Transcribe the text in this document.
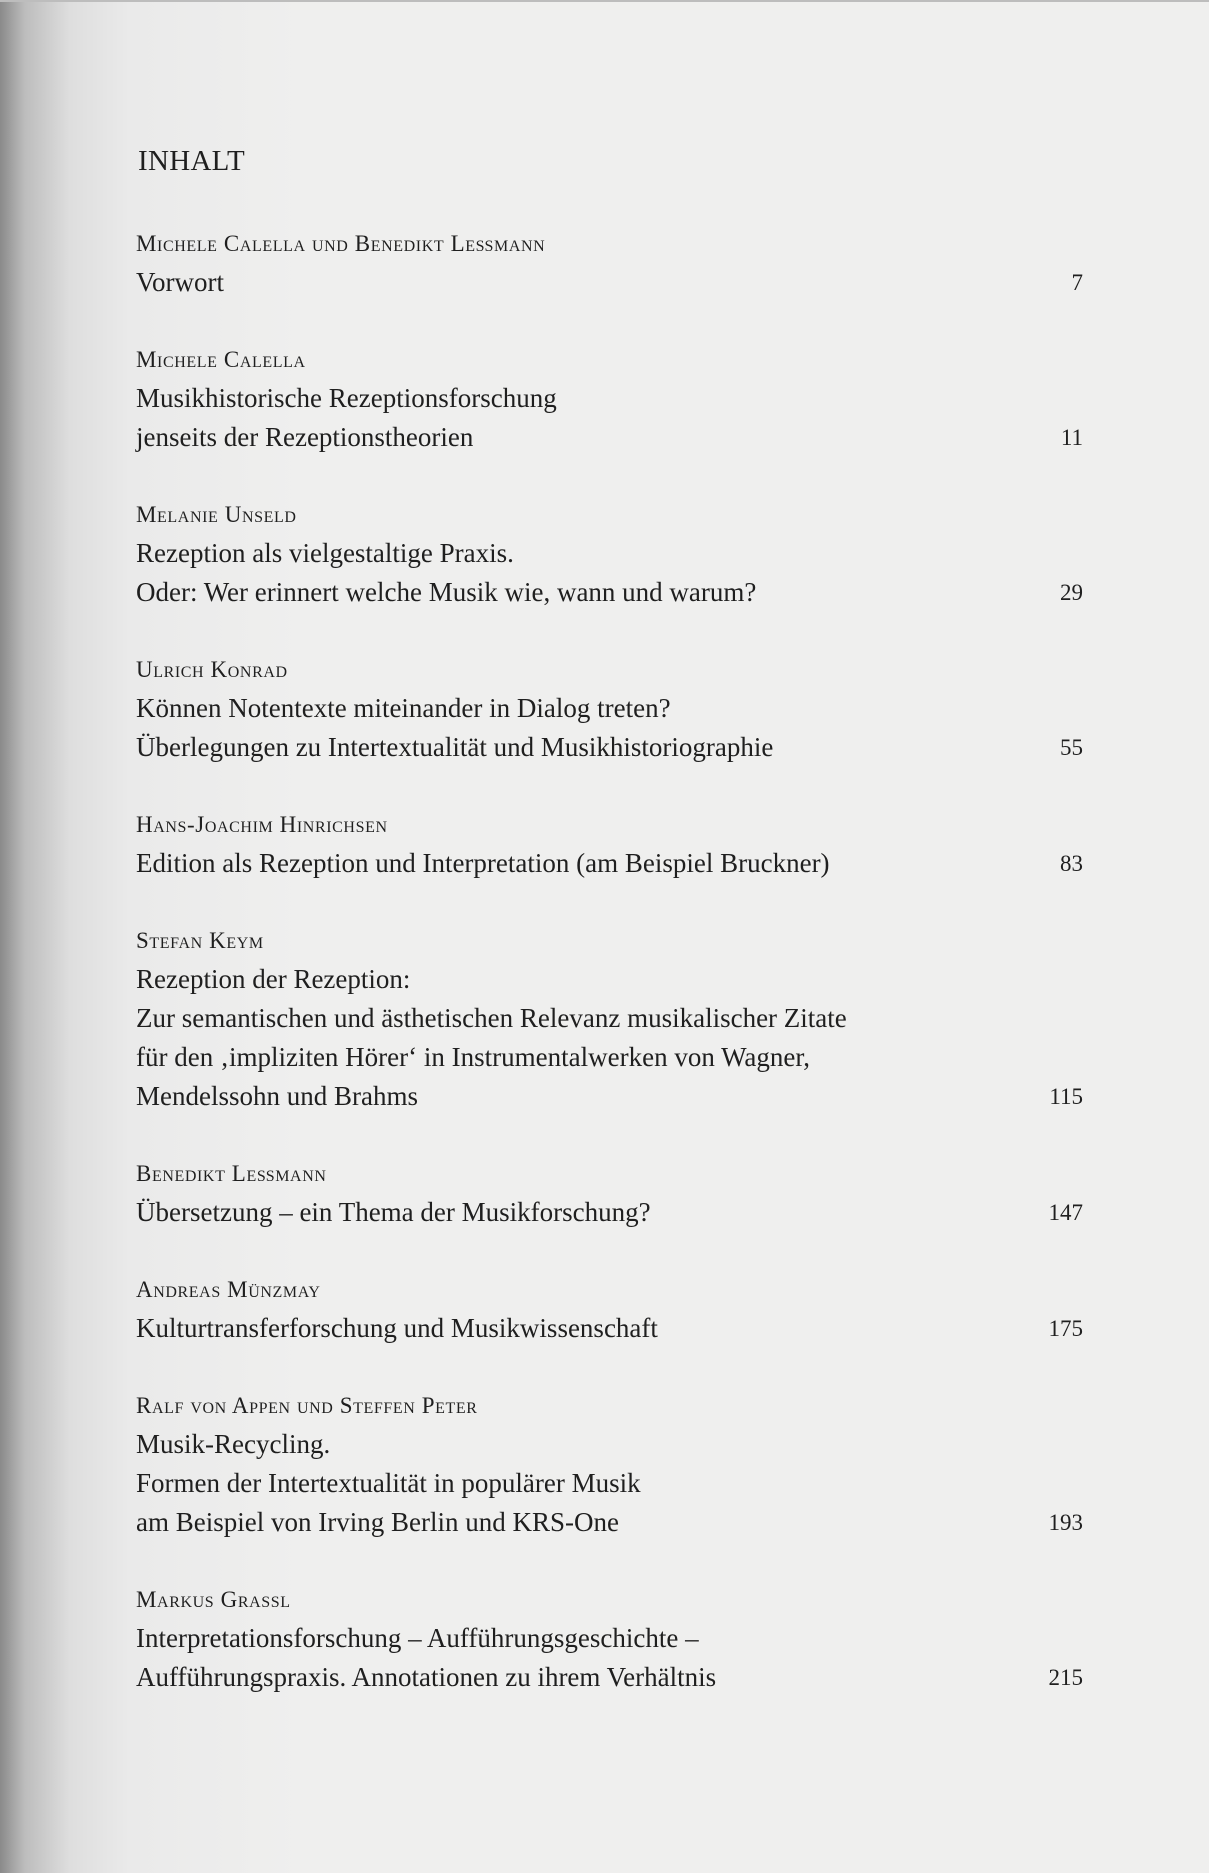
INHALT
Michele Calella und Benedikt Leßmann
Vorwort	7
Michele Calella
Musikhistorische Rezeptionsforschung
jenseits der Rezeptionstheorien	11
Melanie Unseld
Rezeption als vielgestaltige Praxis.
Oder: Wer erinnert welche Musik wie, wann und warum?	29
Ulrich Konrad
Können Notentexte miteinander in Dialog treten?
Überlegungen zu Intertextualität und Musikhistoriographie	55
Hans-Joachim Hinrichsen
Edition als Rezeption und Interpretation (am Beispiel Bruckner)	83
Stefan Keym
Rezeption der Rezeption:
Zur semantischen und ästhetischen Relevanz musikalischer Zitate
für den ‚impliziten Hörer‘ in Instrumentalwerken von Wagner,
Mendelssohn und Brahms	115
Benedikt Leßmann
Übersetzung – ein Thema der Musikforschung?	147
Andreas Münzmay
Kulturtransferforschung und Musikwissenschaft	175
Ralf von Appen und Steffen Peter
Musik-Recycling.
Formen der Intertextualität in populärer Musik
am Beispiel von Irving Berlin und KRS-One	193
Markus Grassl
Interpretationsforschung – Aufführungsgeschichte –
Aufführungspraxis. Annotationen zu ihrem Verhältnis	215
